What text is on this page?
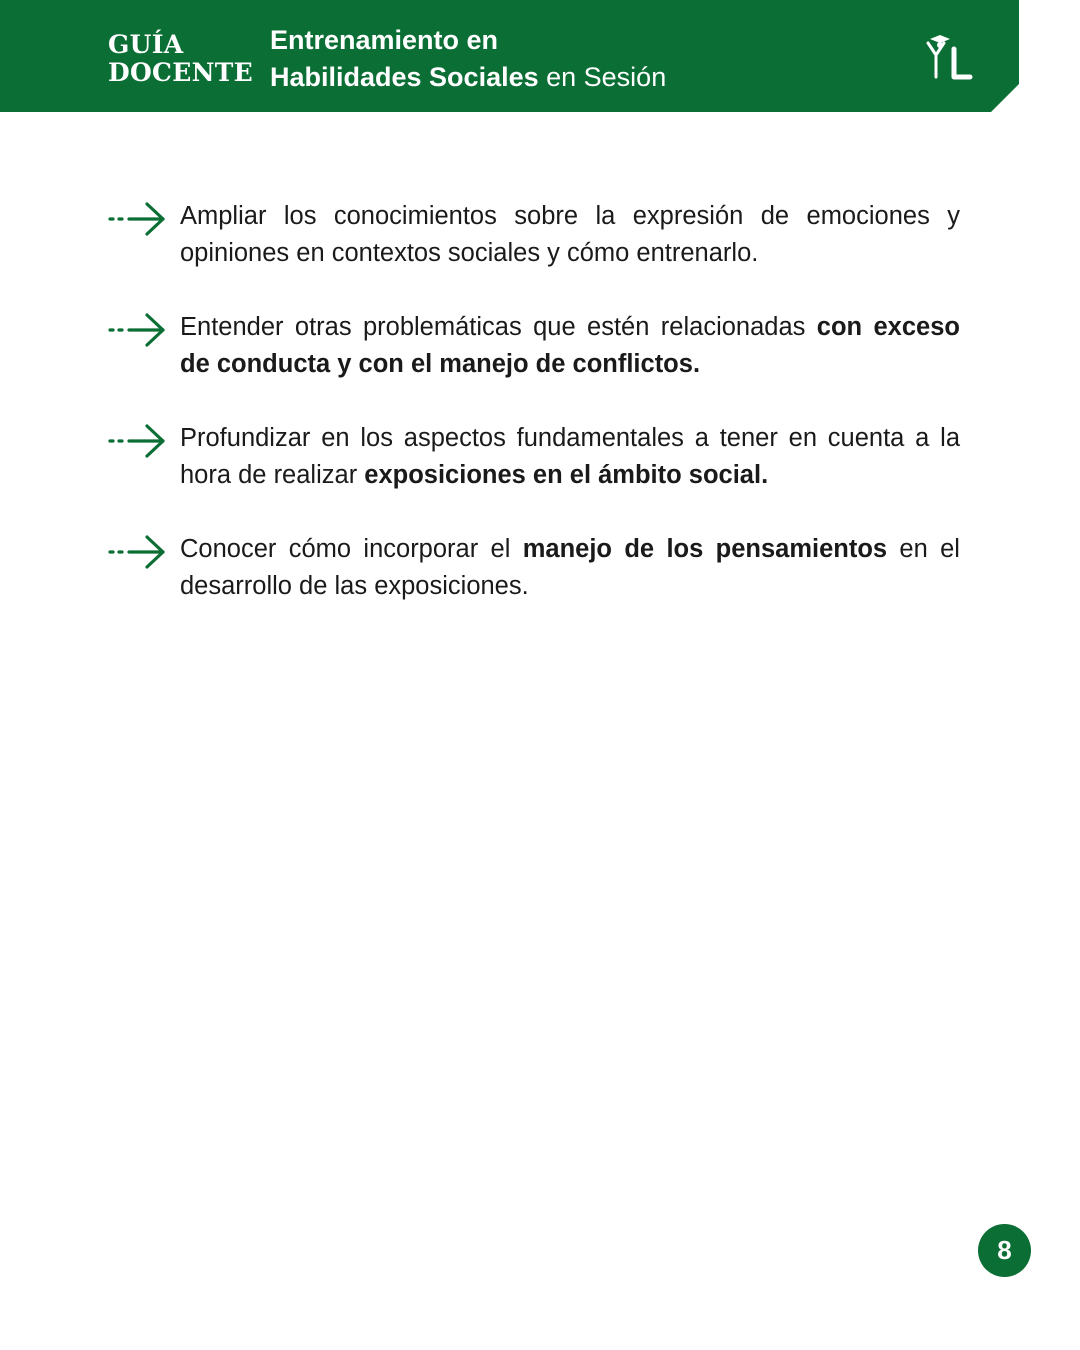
GUÍA
DOCENTE
Entrenamiento en
Habilidades Sociales en Sesión
Ampliar los conocimientos sobre la expresión de emociones y opiniones en contextos sociales y cómo entrenarlo.
Entender otras problemáticas que estén relacionadas con exceso de conducta y con el manejo de conflictos.
Profundizar en los aspectos fundamentales a tener en cuenta a la hora de realizar exposiciones en el ámbito social.
Conocer cómo incorporar el manejo de los pensamientos en el desarrollo de las exposiciones.
8
